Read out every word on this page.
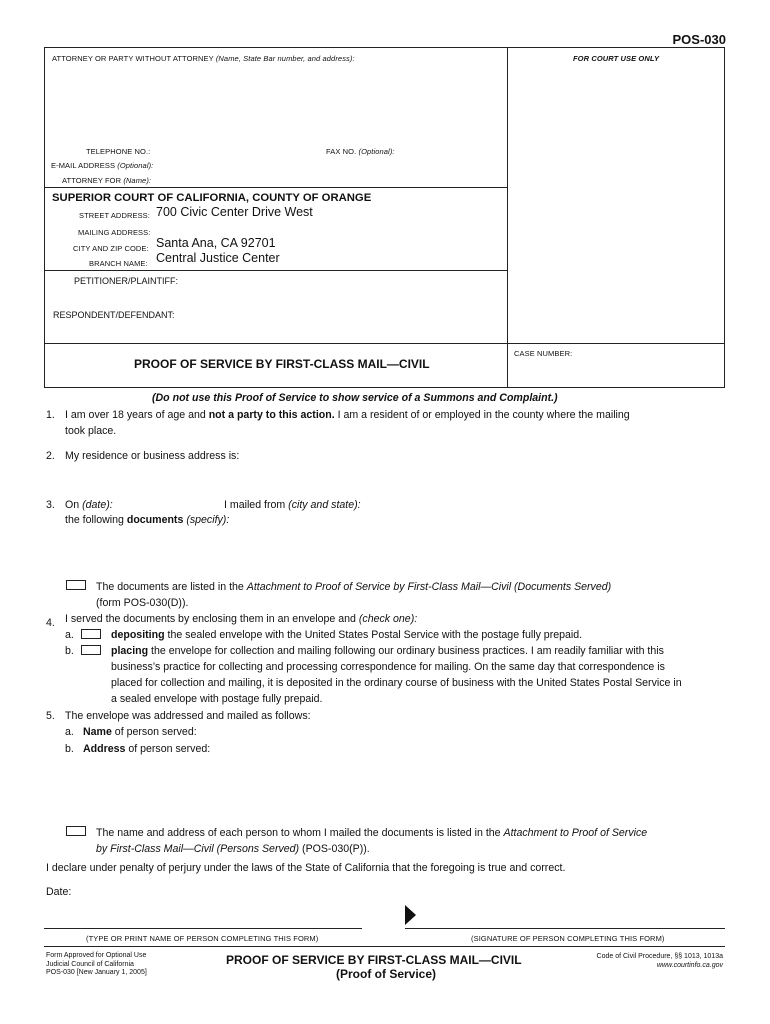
POS-030
ATTORNEY OR PARTY WITHOUT ATTORNEY (Name, State Bar number, and address):	FOR COURT USE ONLY
TELEPHONE NO.:	FAX NO. (Optional):
E-MAIL ADDRESS (Optional):
ATTORNEY FOR (Name):
SUPERIOR COURT OF CALIFORNIA, COUNTY OF ORANGE
STREET ADDRESS: 700 Civic Center Drive West
MAILING ADDRESS:
CITY AND ZIP CODE: Santa Ana, CA 92701
BRANCH NAME: Central Justice Center
PETITIONER/PLAINTIFF:
RESPONDENT/DEFENDANT:
CASE NUMBER:
PROOF OF SERVICE BY FIRST-CLASS MAIL—CIVIL
(Do not use this Proof of Service to show service of a Summons and Complaint.)
1. I am over 18 years of age and not a party to this action. I am a resident of or employed in the county where the mailing
took place.
2. My residence or business address is:
3. On (date):	I mailed from (city and state):
the following documents (specify):
The documents are listed in the Attachment to Proof of Service by First-Class Mail—Civil (Documents Served)
(form POS-030(D)).
4. I served the documents by enclosing them in an envelope and (check one):
a.	depositing the sealed envelope with the United States Postal Service with the postage fully prepaid.
b.	placing the envelope for collection and mailing following our ordinary business practices. I am readily familiar with this
business’s practice for collecting and processing correspondence for mailing. On the same day that correspondence is
placed for collection and mailing, it is deposited in the ordinary course of business with the United States Postal Service in
a sealed envelope with postage fully prepaid.
5. The envelope was addressed and mailed as follows:
a. Name of person served:
b. Address of person served:
The name and address of each person to whom I mailed the documents is listed in the Attachment to Proof of Service
by First-Class Mail—Civil (Persons Served) (POS-030(P)).
I declare under penalty of perjury under the laws of the State of California that the foregoing is true and correct.
Date:
(TYPE OR PRINT NAME OF PERSON COMPLETING THIS FORM)	(SIGNATURE OF PERSON COMPLETING THIS FORM)
Form Approved for Optional Use
Judicial Council of California
POS-030 [New January 1, 2005]
PROOF OF SERVICE BY FIRST-CLASS MAIL—CIVIL
(Proof of Service)
Code of Civil Procedure, §§ 1013, 1013a
www.courtinfo.ca.gov
